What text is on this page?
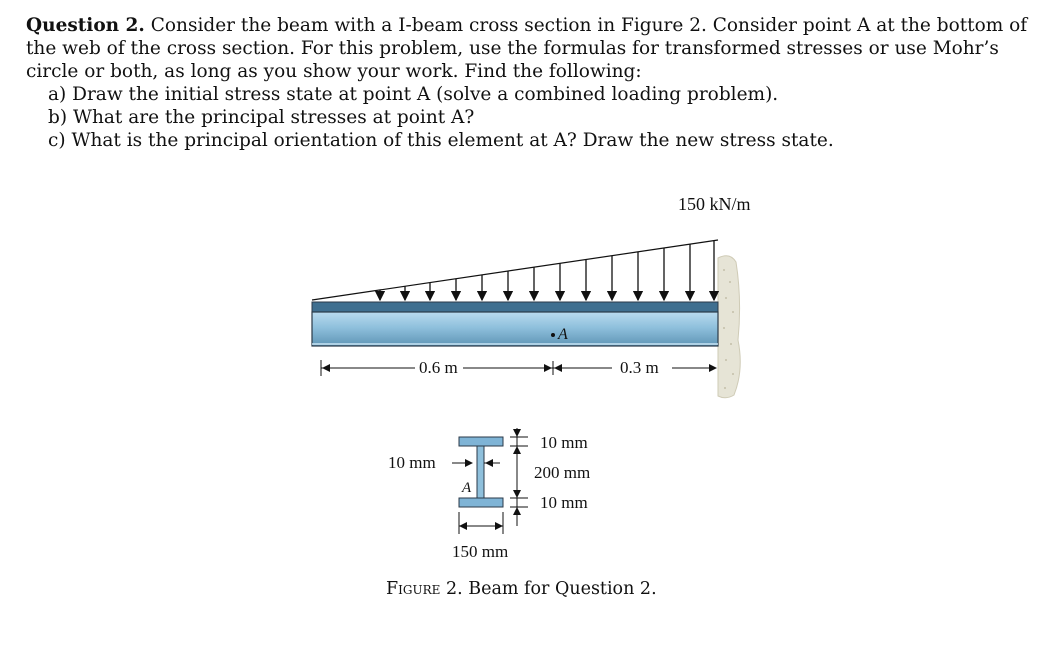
Question 2. Consider the beam with a I-beam cross section in Figure 2. Consider point A at the bottom of the web of the cross section. For this problem, use the formulas for transformed stresses or use Mohr’s circle or both, as long as you show your work. Find the following:

a) Draw the initial stress state at point A (solve a combined loading problem).

b) What are the principal stresses at point A?

c) What is the principal orientation of this element at A? Draw the new stress state.

150 kN/m
A
0.6 m	0.3 m
A
10 mm
10 mm
200 mm
10 mm
150 mm
Figure 2. Beam for Question 2.
